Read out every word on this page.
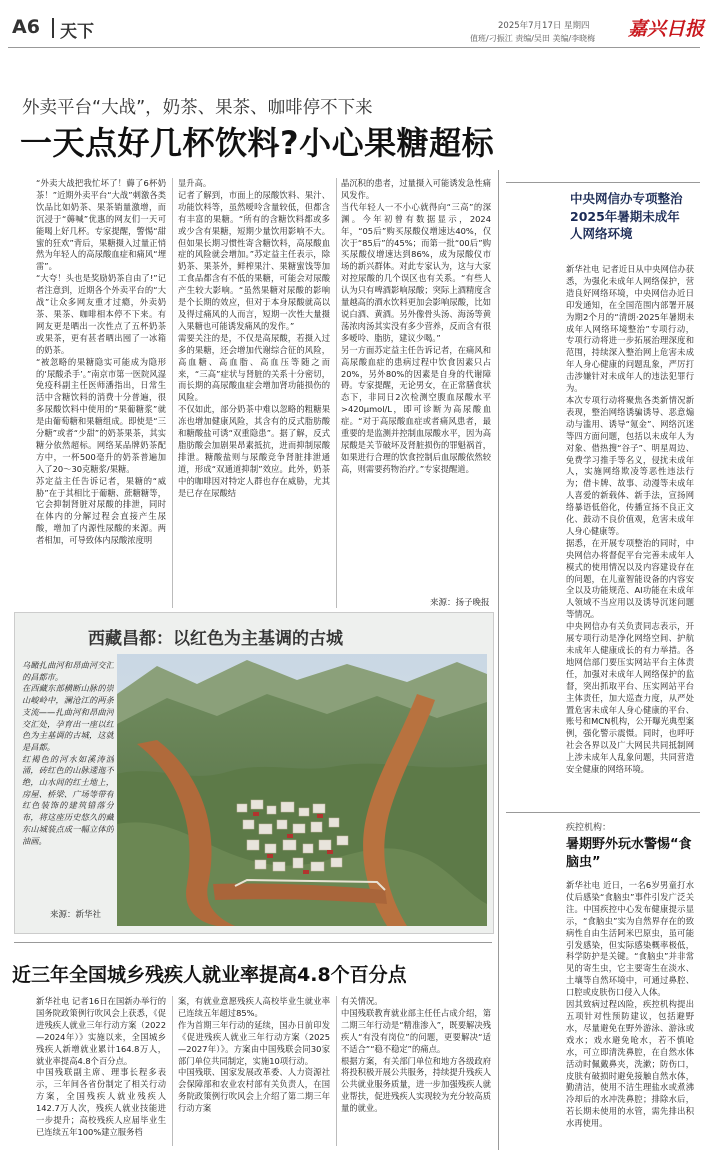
A6 天下	2025年7月17日 星期四
值班/刁振江 责编/吴田 美编/李晓梅 嘉兴日报
外卖平台“大战”，奶茶、果茶、咖啡停不下来
一天点好几杯饮料?小心果糖超标
“外卖大战把我忙坏了！薅了6杯奶茶！”近期外卖平台“大战”刺激各类饮品比如奶茶、果茶销量激增，而沉浸于“薅喊”优惠的网友们一天可能喝上好几杯。专家提醒，警惕“甜蜜的狂欢”背后，果糖摄入过量正悄然为年轻人的高尿酸血症和痛风“埋雷”。
“大夸！头也是奖励奶茶自由了!”记者注意到，近期各个外卖平台的“大战”让众多网友重才过瘾，外卖奶茶、果茶、咖啡相本停不下来。有网友更是晒出一次性点了五杯奶茶或果茶，更有甚者晒出囤了一冰箱的奶茶。
“被忽略的果糖隐实可能成为隐形的‘尿酸杀手’。”南京市第一医院风湿免疫科副主任医师潘指出，日常生活中含糖饮料的消费十分普遍，很多尿酸饮料中使用的“果葡糖浆”就是由葡萄糖和果糖组成。即使是“三分糖”或者“少甜”的奶茶果茶，其实糖分依然超标。网络某品牌奶茶配方中，一杯500毫升的奶茶普遍加入了20～30克糖浆/果糖。
苏定益主任告诉记者，果糖的“威胁”在于其相比于葡糖、蔗糖糖等，它会抑制肾脏对尿酸的排泄，同时在体内的分解过程会直接产生尿酸，增加了内源性尿酸的来源。两者相加，可导致体内尿酸浓度明
显升高。
记者了解到，市面上的尿酸饮料、果汁、功能饮料等，虽然嗳呤含量较低，但都含有丰富的果糖。“所有的含糖饮料都或多或少含有果糖，短期少量饮用影响不大。但如果长期习惯性寄含糖饮料，高尿酸血症的风险就会增加。”苏定益主任表示，除奶茶、果茶外，鲜榨果汁、果糖蜜饯等加工食品都含有不低的果糖，可能会对尿酸产生较大影响。“虽然果糖对尿酸的影响是个长期的效应，但对于本身尿酸就高以及得过痛风的人而言，短期一次性大量摄入果糖也可能诱发痛风的发作。”
需要关注的是，不仅是高尿酸，若摄入过多的果糖，还会增加代谢综合征的风险，高血糖、高血脂、高血压等随之而来，“三高”症状与肾脏的关系十分密切，而长期的高尿酸血症会增加肾功能损伤的风险。
不仅如此，部分奶茶中难以忽略的粗糖果冻也增加健康风险，其含有的反式脂肪酸和糖酸盐可诱“双重隐患”。据了解，反式脂肪酸会加剧果昂素抵抗，进而抑制尿酸排泄。糖酸盐则与尿酸竞争肾脏排泄通道，形成“双通道抑制”效应。此外，奶茶中的咖啡因对特定人群也存在威胁，尤其是已存在尿酸结
晶沉积的患者，过量摄入可能诱发急性痛风发作。
当代年轻人一不小心就得向“三高”的深渊。今年初曾有数据显示，2024年，“05后”购买尿酸仪增速达40%，仅次于“85后”的45%；而第一批“00后”购买尿酸仪增速达到86%，成为尿酸仪市场的新兴群体。对此专家认为，这与大家对控尿酸的几个误区也有关系。“有些人认为只有啤酒影响尿酸；突际上酒精度含量越高的酒水饮料更加会影响尿酸，比如说白酒、黄酒。另外像骨头汤、海汤等黄荡浓肉汤其实没有多少营养，反而含有很多嗳呤、脂肪，建议少喝。”
另一方面苏定益主任告诉记者，在痛风和高尿酸血症的患病过程中饮食因素只占20%，另外80%的因素是自身的代谢障碍。专家提醒，无论男女，在正常膳食状态下，非同日2次检测空腹血尿酸水平>420μmol/L，即可诊断为高尿酸血症。“对于高尿酸血症或者痛风患者，最重要的是监测并控制血尿酸水平，因为高尿酸是关节破坏及肾脏损伤的罪魁祸首，如果进行合理的饮食控制后血尿酸依然较高，则需要药物治疗。”专家提醒道。
来源：扬子晚报
西藏昌都：以红色为主基调的古城
乌瞰扎曲河和昂曲河交汇的昌都市。
在西藏东部横断山脉的崇山峻岭中，澜沧江的两条支流——扎曲河和昂曲河交汇处，孕育出一座以红色为主基调的古城，这就是昌都。
红褐色的河水如溪涛汹涌，砖红色的山脉逶迤不绝，山水间的红土地上，房屋、桥梁、广场等带有红色装饰的建筑错落分布，将这座历史悠久的藏东山城装点成一幅立体的油画。
来源：新华社
近三年全国城乡残疾人就业率提高4.8个百分点
新华社电 记者16日在国新办举行的国务院政策例行吹风会上获悉，《促进残疾人就业三年行动方案（2022—2024年）》实施以来，全国城乡残疾人新增就业累计164.8万人，就业率提高4.8个百分点。
中国残联副主席、理事长程多表示，三年间各省份制定了相关行动方案，全国残疾人就业残疾人142.7万人次，残疾人就业技能进一步提升；高校残疾人应届毕业生已连续五年100%建立服务档
案，有就业意愿残疾人高校毕业生就业率已连续五年超过85%。
作为首期三年行动的延续，国办日前印发《促进残疾人就业三年行动方案（2025—2027年）》。方案由中国残联会同30家部门单位共同制定，实施10项行动。
中国残联、国家发展改革委、人力资源社会保障部和农业农村部有关负责人，在国务院政策例行吹风会上介绍了第二期三年行动方案
有关情况。
中国残联教育就业部主任任占成介绍，第二期三年行动是“精准渗入”，既要解决残疾人“有没有岗位”的问题，更要解决“适不适合”“稳不稳定”的痛点。
根据方案，有关部门单位和地方各级政府将投积极开展公共服务，持续提升残疾人公共就业服务质量，进一步加强残疾人就业帮扶，促进残疾人实现较为充分较高质量的就业。
中央网信办专项整治2025年暑期未成年人网络环境
新华社电 记者近日从中央网信办获悉，为强化未成年人网络保护，营造良好网络环境，中央网信办近日印发通知，在全国范围内部署开展为期2个月的“清朗·2025年暑期未成年人网络环境整治”专项行动，专项行动将进一步拓展治理深度和范围，持续深入整治网上危害未成年人身心健康的问题乱象，严厉打击涉嫌针对未成年人的违法犯罪行为。
本次专项行动将聚焦各类新情况新表现，整治网络诱骗诱导、恶意煽动与滥用、诱导“氪金”、网络沉迷等四方面问题，包括以未成年人为对象、借热搜“谷子”、明星周边、免费学习推手等名义，侵扰未成年人，实施网络欺凌等恶性违法行为；借卡牌、故事、动漫等未成年人喜爱的新载体、新手法，宣扬网络暴语低俗化，传播宣扬不良正文化、鼓动不良价值观，危害未成年人身心健康等。
据悉，在开展专项整治的同时，中央网信办将督促平台完善未成年人模式的使用情况以及内容建设存在的问题，在儿童智能设备的内容安全以及功能规范、AI功能在未成年人领域不当应用以及诱导沉迷问题等情况。
中央网信办有关负责同志表示，开展专项行动是净化网络空间、护航未成年人健康成长的有力举措。各地网信部门要压实网站平台主体责任，加强对未成年人网络保护的监督，突出抓取平台、压实网站平台主体责任，加大巡查力度，从严处置危害未成年人身心健康的平台、账号和MCN机构，公开曝光典型案例，强化警示震慑。同时，也呼吁社会各界以及广大网民共同抵制网上涉未成年人乱象问题，共同营造安全健康的网络环境。
疾控机构：
暑期野外玩水警惕“食脑虫”
新华社电 近日，一名6岁男童打水仗后感染“食脑虫”事件引发广泛关注。中国疾控中心发布健康提示显示，“食脑虫”实为自然界存在的致病性自由生活阿米巴原虫，虽可能引发感染，但实际感染概率极低，科学防护是关键。“食脑虫”并非常见的寄生虫，它主要寄生在淡水、土壤等自然环境中，可通过鼻腔、口腔或皮肤伤口侵入人体。
因其致病过程凶险，疾控机构提出五项针对性预防建议，包括避野水，尽量避免在野外游泳、游泳或戏水；戏水避免呛水，若不慎呛水，可立即清洗鼻腔，在自然水体活动时佩戴鼻夹，洗漱；防伤口，皮肤有破损时避免接触自然水体，勤清洁，使用不洁生理盐水或煮沸冷却后的水冲洗鼻腔；排除水后，若长期未使用的水管，需先排出积水再使用。
